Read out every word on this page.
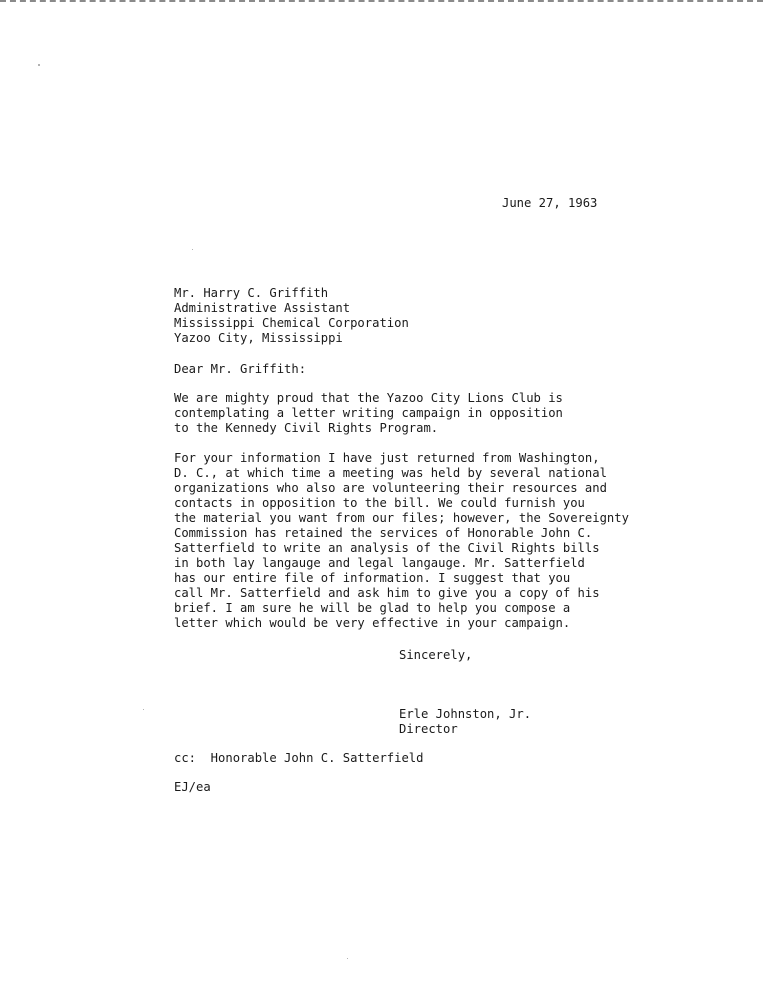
June 27, 1963
Mr. Harry C. Griffith
Administrative Assistant
Mississippi Chemical Corporation
Yazoo City, Mississippi
Dear Mr. Griffith:

We are mighty proud that the Yazoo City Lions Club is
contemplating a letter writing campaign in opposition
to the Kennedy Civil Rights Program.

For your information I have just returned from Washington,
D. C., at which time a meeting was held by several national
organizations who also are volunteering their resources and
contacts in opposition to the bill. We could furnish you
the material you want from our files; however, the Sovereignty
Commission has retained the services of Honorable John C.
Satterfield to write an analysis of the Civil Rights bills
in both lay langauge and legal langauge. Mr. Satterfield
has our entire file of information. I suggest that you
call Mr. Satterfield and ask him to give you a copy of his
brief. I am sure he will be glad to help you compose a
letter which would be very effective in your campaign.

Sincerely,
Erle Johnston, Jr.
Director
cc:  Honorable John C. Satterfield
EJ/ea
